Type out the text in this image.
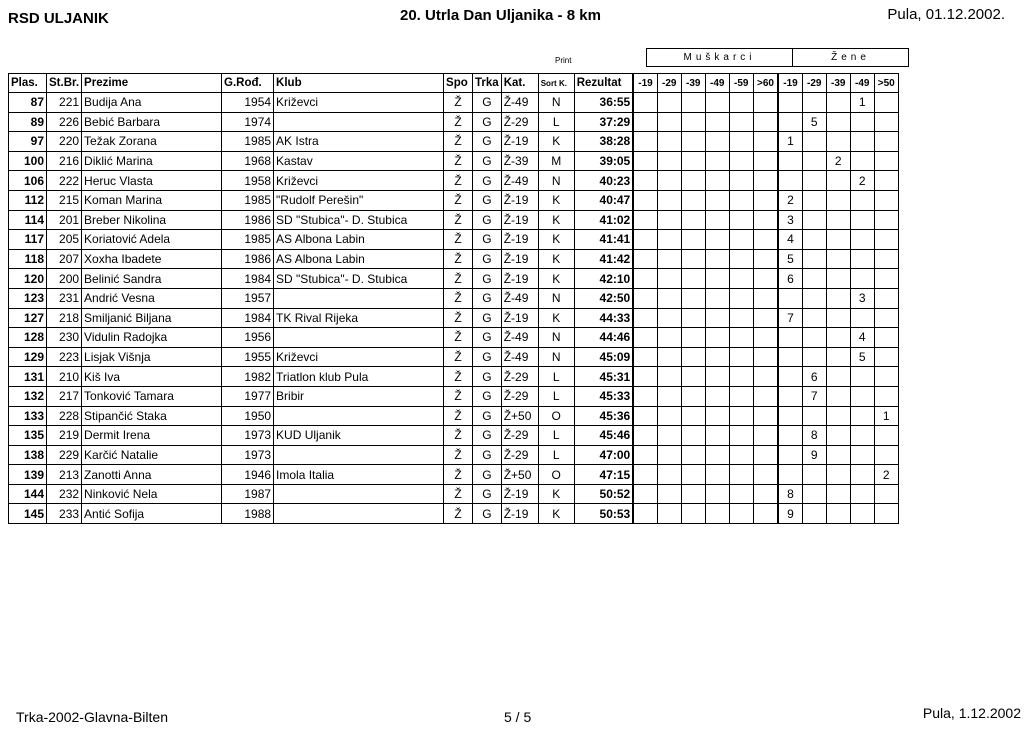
RSD ULJANIK	20. Utrla Dan Uljanika - 8 km	Pula, 01.12.2002.
Print	Muškarci	Žene
Plas.	St.Br.	Prezime	G.Rođ.	Klub	Spo	Trka	Kat.	Sort K.	Rezultat	-19	-29	-39	-49	-59	>60	-19	-29	-39	-49	>50
87	221	Budija Ana	1954	Križevci	Ž	G	Ž-49	N	36:55										1	
89	226	Bebić Barbara	1974		Ž	G	Ž-29	L	37:29								5			
97	220	Težak Zorana	1985	AK Istra	Ž	G	Ž-19	K	38:28							1				
100	216	Diklić Marina	1968	Kastav	Ž	G	Ž-39	M	39:05									2		
106	222	Heruc Vlasta	1958	Križevci	Ž	G	Ž-49	N	40:23										2	
112	215	Koman Marina	1985	"Rudolf Perešin"	Ž	G	Ž-19	K	40:47							2				
114	201	Breber Nikolina	1986	SD "Stubica"- D. Stubica	Ž	G	Ž-19	K	41:02							3				
117	205	Koriatović Adela	1985	AS Albona Labin	Ž	G	Ž-19	K	41:41							4				
118	207	Xoxha Ibadete	1986	AS Albona Labin	Ž	G	Ž-19	K	41:42							5				
120	200	Belinić Sandra	1984	SD "Stubica"- D. Stubica	Ž	G	Ž-19	K	42:10							6				
123	231	Andrić Vesna	1957		Ž	G	Ž-49	N	42:50										3	
127	218	Smiljanić Biljana	1984	TK Rival Rijeka	Ž	G	Ž-19	K	44:33							7				
128	230	Vidulin Radojka	1956		Ž	G	Ž-49	N	44:46										4	
129	223	Lisjak Višnja	1955	Križevci	Ž	G	Ž-49	N	45:09										5	
131	210	Kiš Iva	1982	Triatlon klub Pula	Ž	G	Ž-29	L	45:31								6			
132	217	Tonković Tamara	1977	Bribir	Ž	G	Ž-29	L	45:33								7			
133	228	Stipančić Staka	1950		Ž	G	Ž+50	O	45:36											1
135	219	Dermit Irena	1973	KUD Uljanik	Ž	G	Ž-29	L	45:46								8			
138	229	Karčić Natalie	1973		Ž	G	Ž-29	L	47:00								9			
139	213	Zanotti Anna	1946	Imola Italia	Ž	G	Ž+50	O	47:15											2
144	232	Ninković Nela	1987		Ž	G	Ž-19	K	50:52							8				
145	233	Antić Sofija	1988		Ž	G	Ž-19	K	50:53							9				
Trka-2002-Glavna-Bilten	5 / 5	Pula, 1.12.2002
